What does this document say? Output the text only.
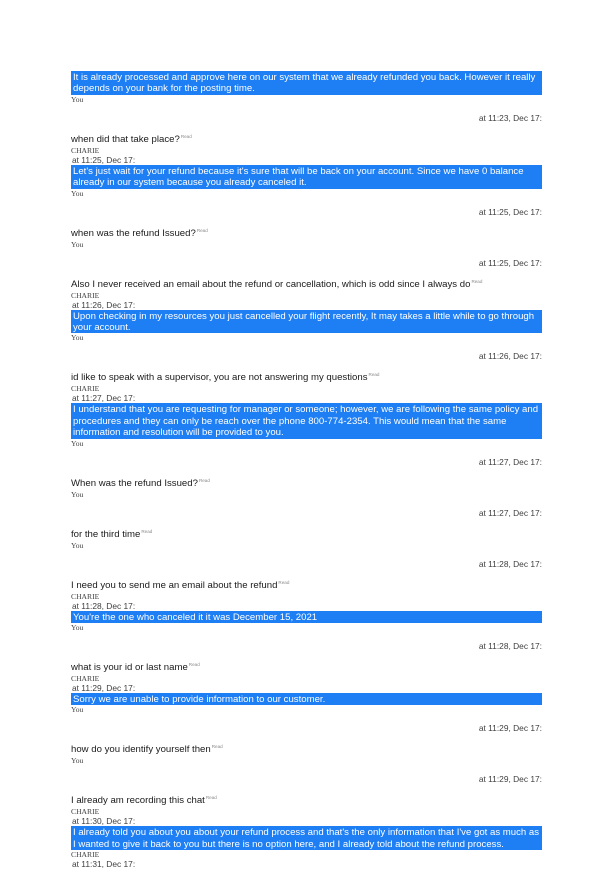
It is already processed and approve here on our system that we already refunded you back. However it really depends on your bank for the posting time.
You
at 11:23, Dec 17:
when did that take place?$^{Read}$
CHARIE
at 11:25, Dec 17:
Let's just wait for your refund because it's sure that will be back on your account. Since we have 0 balance already in our system because you already canceled it.
You
at 11:25, Dec 17:
when was the refund Issued?$^{Read}$
You
at 11:25, Dec 17:
Also I never received an email about the refund or cancellation, which is odd since I always $do^{Read}$
CHARIE
at 11:26, Dec 17:
Upon checking in my resources you just cancelled your flight recently, It may takes a little while to go through your account.
You
at 11:26, Dec 17:
id like to speak with a supervisor, you are not answering my questions$^{Read}$
CHARIE
at 11:27, Dec 17:
I understand that you are requesting for manager or someone; however, we are following the same policy and procedures and they can only be reach over the phone 800-774-2354. This would mean that the same information and resolution will be provided to you.
You
at 11:27, Dec 17:
When was the refund Issued?$^{Read}$
You
at 11:27, Dec 17:
for the third time$^{Read}$
You
at 11:28, Dec 17:
I need you to send me an email about the refund$^{Read}$
CHARIE
at 11:28, Dec 17:
You're the one who canceled it it was December 15, 2021
You
at 11:28, Dec 17:
what is your id or last name$^{Read}$
CHARIE
at 11:29, Dec 17:
Sorry we are unable to provide information to our customer.
You
at 11:29, Dec 17:
how do you identify yourself then$^{Read}$
You
at 11:29, Dec 17:
I already am recording this chat$^{Read}$
CHARIE
at 11:30, Dec 17:
I already told you about you about your refund process and that's the only information that I've got as much as I wanted to give it back to you but there is no option here, and I already told about the refund process.
CHARIE
at 11:31, Dec 17:
